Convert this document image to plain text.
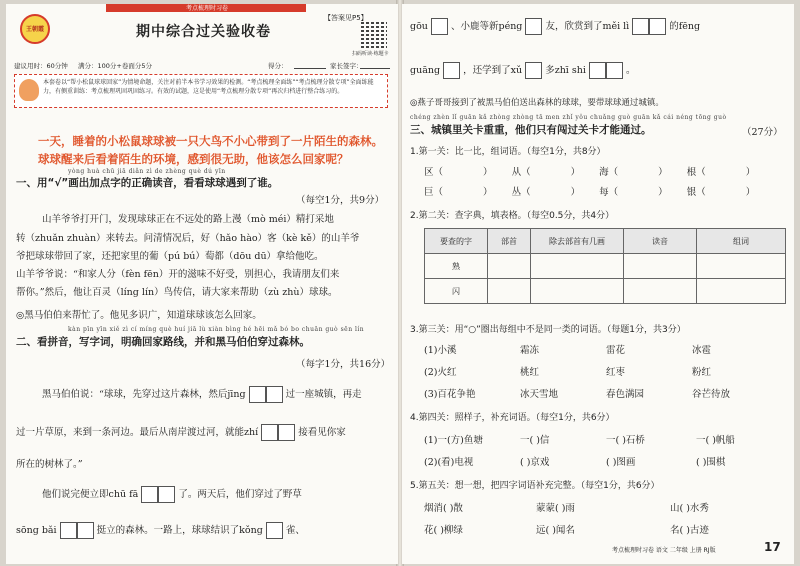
考点梳理时习卷
【答案见P5】
王朝霞	期中综合过关验收卷
扫码听读·练题卡
建议用时：60分钟 满分：100分+卷面分5分	得分：	家长签字：
本套卷以“帮小松鼠球球回家”为情境命题，关注对前半本书学习效果的检测。“考点梳理全面练”“考点梳理分散专项”全面练能力，有侧重训练：考点梳理巩固巩固练习。有效的试题，这是使用“考点梳理分散专项”再次归档进行整合练习的。
一天，睡着的小松鼠球球被一只大鸟不小心带到了一片陌生的森林。球球醒来后看着陌生的环境，感到很无助，他该怎么回家呢？
yòng huà chū jiā diǎn zì de zhèng què dú yīn
一、用“√”画出加点字的正确读音，看看球球遇到了谁。
（每空1分，共9分）
山羊爷爷打开门，发现球球正在不远处的路上漫（mò méi）精打采地
转（zhuǎn zhuàn）来转去。问清情况后，好（hǎo hào）客（kè kě）的山羊爷
爷把球球带回了家，还把家里的葡（pú bú）萄都（dōu dū）拿给他吃。
山羊爷爷说：“和家人分（fèn fēn）开的滋味不好受，别担心，我请朋友们来
帮你。”然后，他让百灵（líng lín）鸟传信，请大家来帮助（zù zhù）球球。
◎黑马伯伯来帮忙了。他见多识广，知道球球该怎么回家。
kàn pīn yīn xiě zì cí míng què huí jiā lù xiàn bìng hé hēi mǎ bó bo chuān guò sēn lín
二、看拼音，写字词，明确回家路线，并和黑马伯伯穿过森林。
（每字1分，共16分）
黑马伯伯说：“球球，先穿过这片森林，然后jīng	过一座城镇，再走
过一片草原，来到一条河边。最后从南岸渡过河，就能zhí	接看见你家
所在的树林了。”
他们说完便立即chū fā	了。两天后，他们穿过了野草
sōng bǎi	挺立的森林。一路上，球球结识了kǒng 雀、
gōu 、小鹿等新péng 友，欣赏到了měi lì	的fēng
guāng ，还学到了xǔ 多zhī shi	。
◎燕子哥哥接到了被黑马伯伯送出森林的球球，要带球球通过城镇。
chéng zhèn lǐ guān kǎ zhòng zhòng tā men zhǐ yǒu chuǎng guò guān kǎ cái néng tōng guò
三、城镇里关卡重重，他们只有闯过关卡才能通过。	（27分）
1.第一关：比一比，组词语。（每空1分，共8分）
区（	） 从（	） 海（	） 根（	）
巨（	） 丛（	） 每（	） 银（	）
2.第二关：查字典，填表格。（每空0.5分，共4分）
要查的字	部首	除去部首有几画	读音	组词
熟				
闪				
3.第三关：用“○”圈出每组中不是同一类的词语。（每题1分，共3分）
(1)小溪	霜冻	雷花	冰雹
(2)火红	桃红	红枣	粉红
(3)百花争艳	冰天雪地	春色满园	谷芒待放
4.第四关：照样子，补充词语。（每空1分，共6分）
(1)一(方)鱼塘	一( )信	一( )石桥	一( )帆船
(2)(看)电视	( )京戏	( )图画	( )围棋
5.第五关：想一想，把四字词语补充完整。（每空1分，共6分）
烟消( )散	蒙蒙( )雨	山( )水秀
花( )柳绿	远( )闻名	名( )古迹
考点梳理时习卷 语文 二年级 上册 RJ版	17
